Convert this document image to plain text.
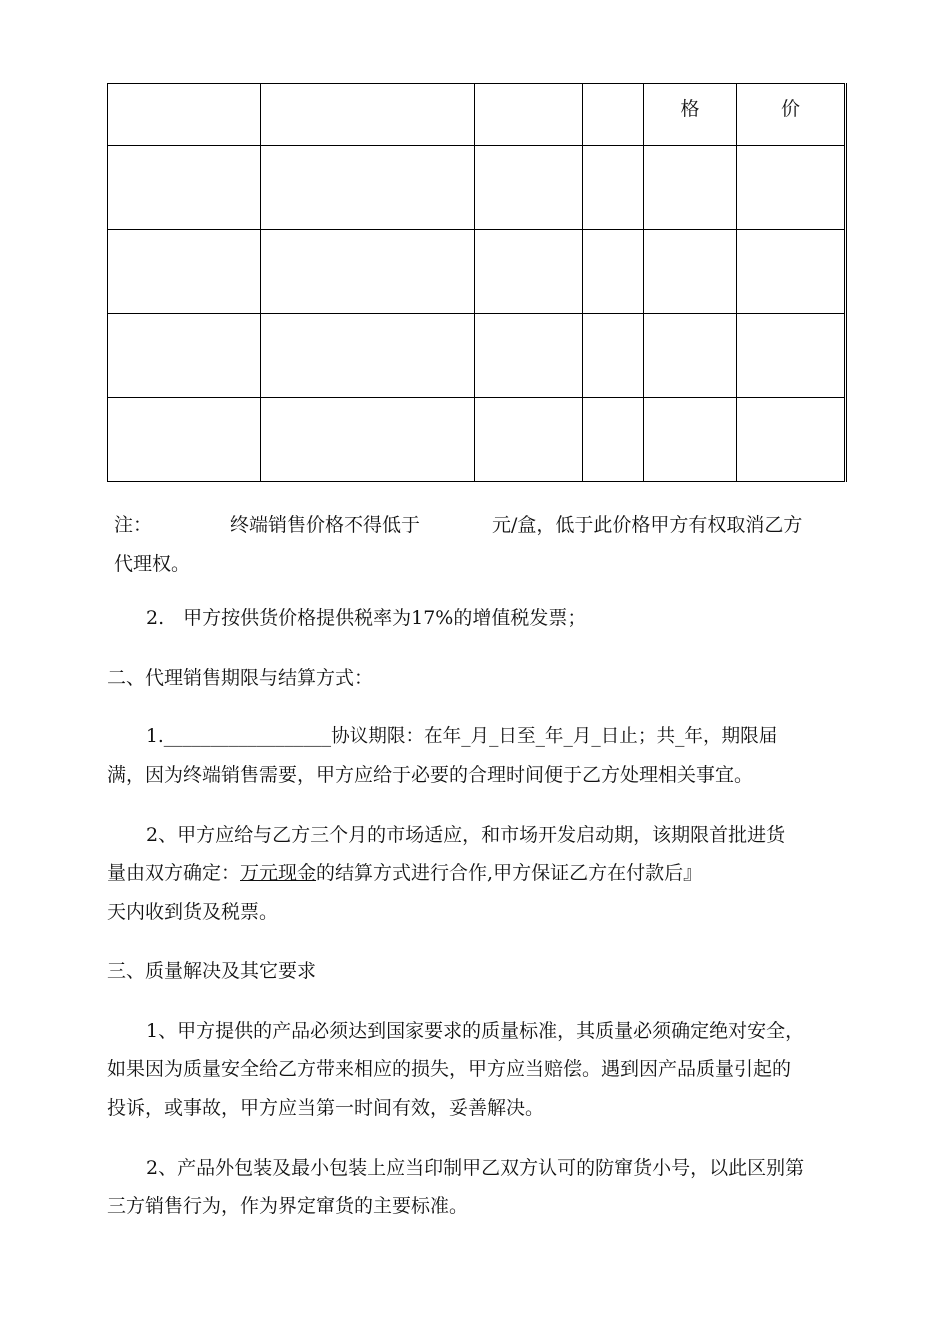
				格	价

注：	终端销售价格不得低于	元/盒，低于此价格甲方有权取消乙方
代理权。
2.　甲方按供货价格提供税率为17%的增值税发票；
二、代理销售期限与结算方式：
1.__________________协议期限：在年_月_日至_年_月_日止；共_年，期限届
满，因为终端销售需要，甲方应给于必要的合理时间便于乙方处理相关事宜。
2、甲方应给与乙方三个月的市场适应，和市场开发启动期，该期限首批进货
量由双方确定：万元现金的结算方式进行合作,甲方保证乙方在付款后』
天内收到货及税票。
三、质量解决及其它要求
1、甲方提供的产品必须达到国家要求的质量标准，其质量必须确定绝对安全，
如果因为质量安全给乙方带来相应的损失，甲方应当赔偿。遇到因产品质量引起的
投诉，或事故，甲方应当第一时间有效，妥善解决。
2、产品外包装及最小包装上应当印制甲乙双方认可的防窜货小号，以此区别第
三方销售行为，作为界定窜货的主要标准。
